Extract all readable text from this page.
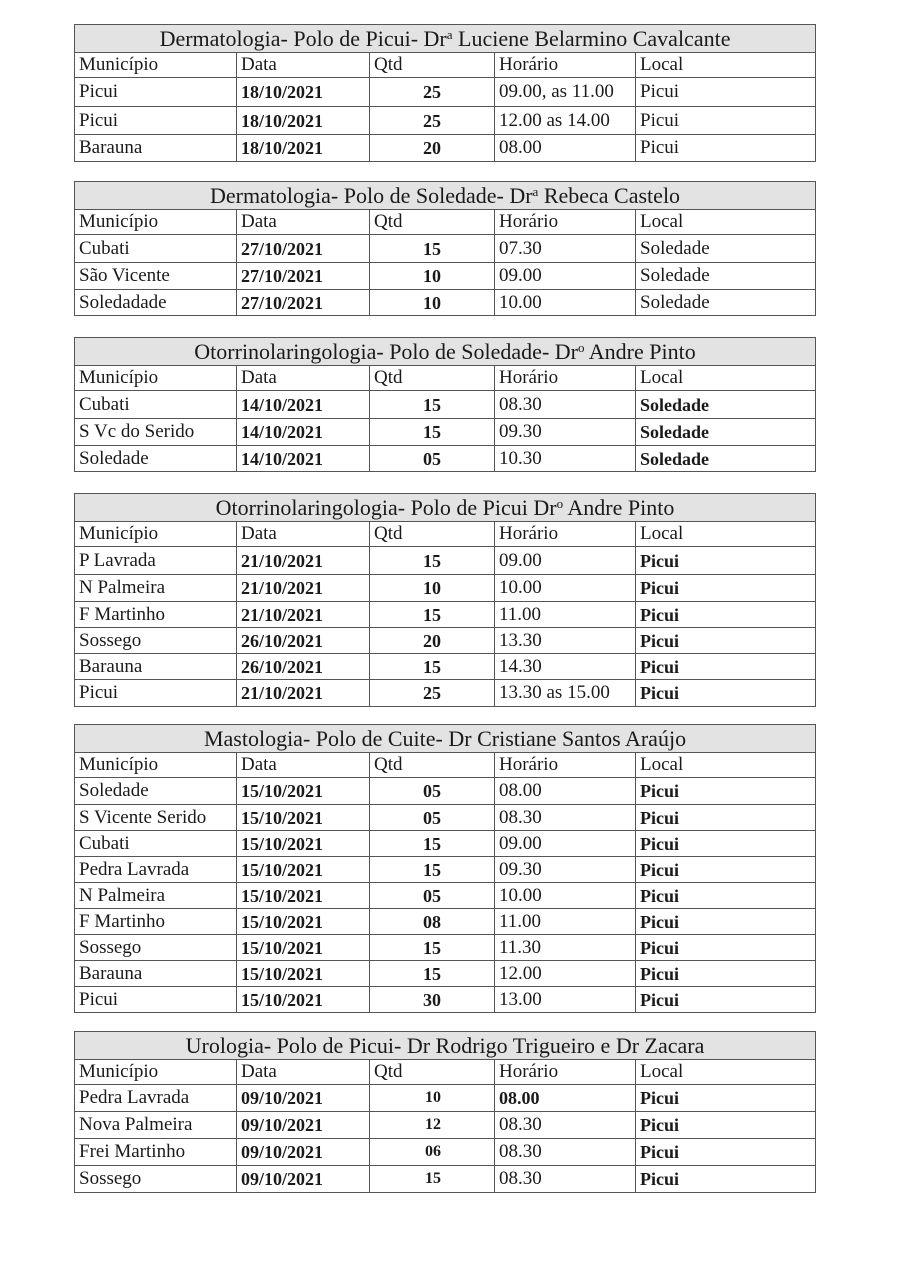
Dermatologia- Polo de Picui- Dr$^a$ Luciene Belarmino Cavalcante				
Município	Data	Qtd	Horário	Local
Picui	18/10/2021	25	09.00, as 11.00	Picui
Picui	18/10/2021	25	12.00 as 14.00	Picui
Barauna	18/10/2021	20	08.00	Picui
Dermatologia- Polo de Soledade- Dr$^a$ Rebeca Castelo				
Município	Data	Qtd	Horário	Local
Cubati	27/10/2021	15	07.30	Soledade
São Vicente	27/10/2021	10	09.00	Soledade
Soledadade	27/10/2021	10	10.00	Soledade
Otorrinolaringologia- Polo de Soledade- Dr$^o$ Andre Pinto				
Município	Data	Qtd	Horário	Local
Cubati	14/10/2021	15	08.30	Soledade
S Vc do Serido	14/10/2021	15	09.30	Soledade
Soledade	14/10/2021	05	10.30	Soledade
Otorrinolaringologia- Polo de Picui Dr$^o$ Andre Pinto				
Município	Data	Qtd	Horário	Local
P Lavrada	21/10/2021	15	09.00	Picui
N Palmeira	21/10/2021	10	10.00	Picui
F Martinho	21/10/2021	15	11.00	Picui
Sossego	26/10/2021	20	13.30	Picui
Barauna	26/10/2021	15	14.30	Picui
Picui	21/10/2021	25	13.30 as 15.00	Picui
Mastologia- Polo de Cuite- Dr Cristiane Santos Araújo				
Município	Data	Qtd	Horário	Local
Soledade	15/10/2021	05	08.00	Picui
S Vicente Serido	15/10/2021	05	08.30	Picui
Cubati	15/10/2021	15	09.00	Picui
Pedra Lavrada	15/10/2021	15	09.30	Picui
N Palmeira	15/10/2021	05	10.00	Picui
F Martinho	15/10/2021	08	11.00	Picui
Sossego	15/10/2021	15	11.30	Picui
Barauna	15/10/2021	15	12.00	Picui
Picui	15/10/2021	30	13.00	Picui
Urologia- Polo de Picui- Dr Rodrigo Trigueiro e Dr Zacara				
Município	Data	Qtd	Horário	Local
Pedra Lavrada	09/10/2021	10	08.00	Picui
Nova Palmeira	09/10/2021	12	08.30	Picui
Frei Martinho	09/10/2021	06	08.30	Picui
Sossego	09/10/2021	15	08.30	Picui
